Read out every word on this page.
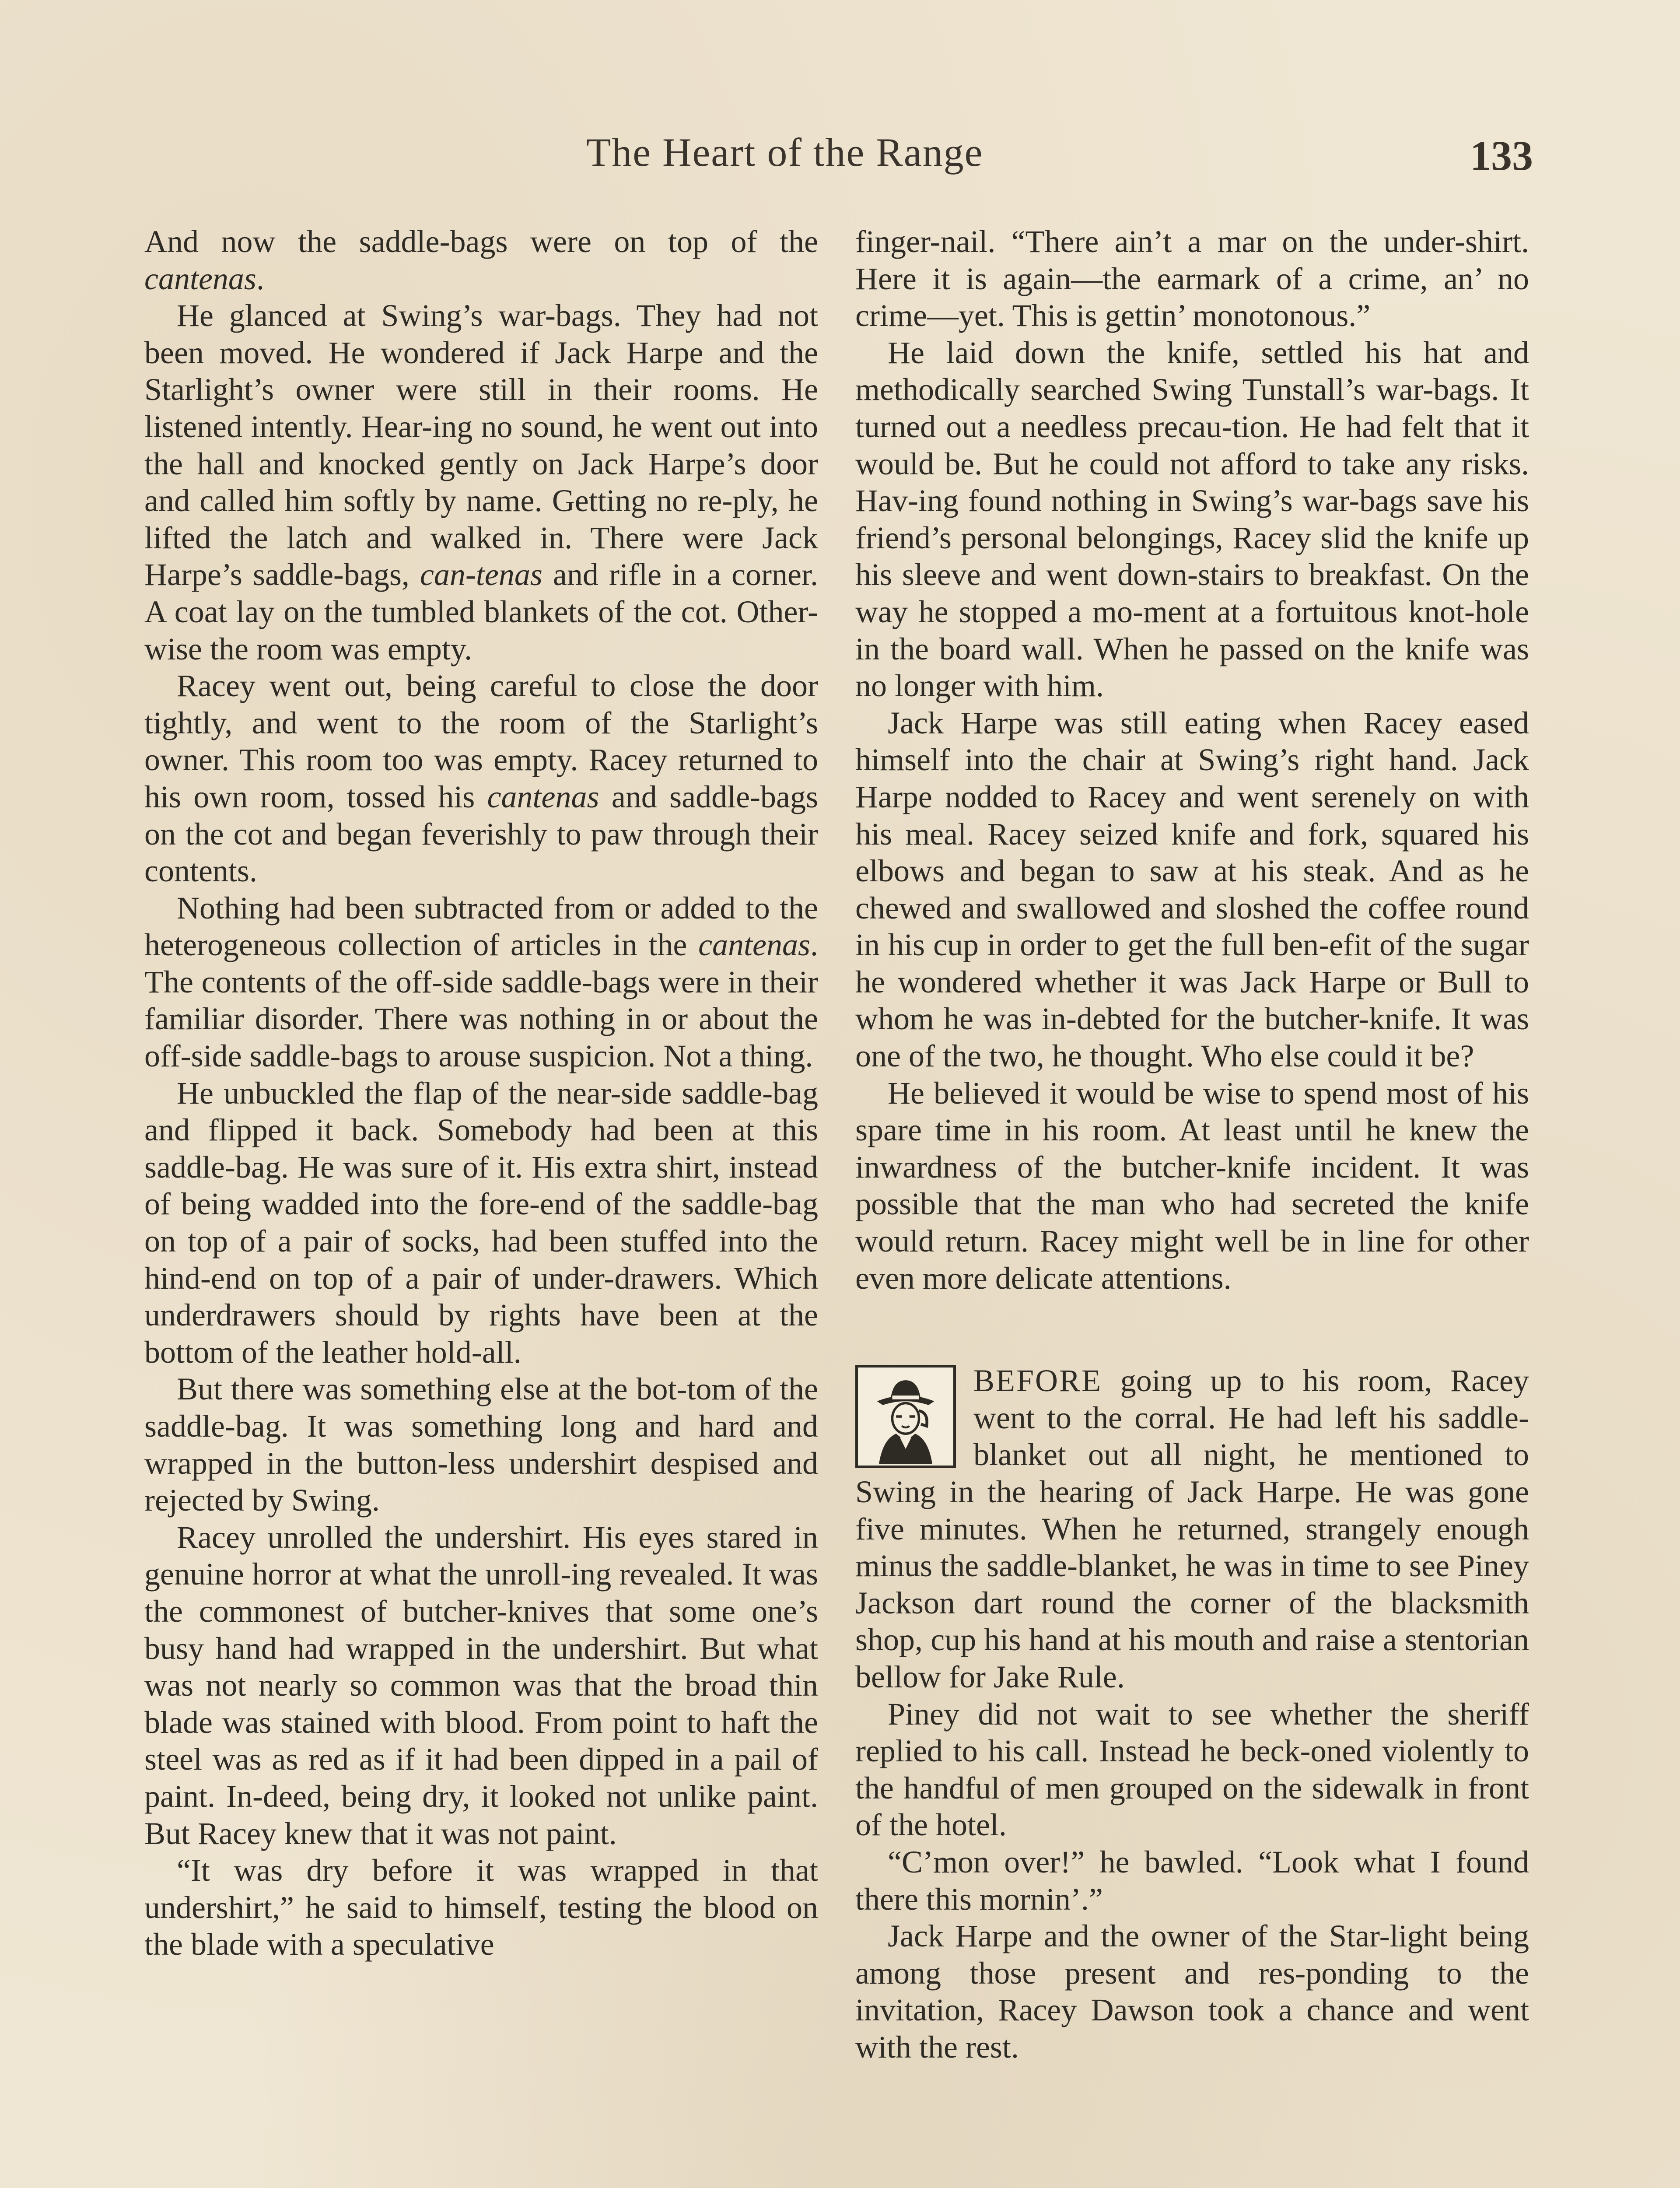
The Heart of the Range	133

And now the saddle-bags were on top of the cantenas.

He glanced at Swing’s war-bags. They had not been moved. He wondered if Jack Harpe and the Starlight’s owner were still in their rooms. He listened intently. Hear-ing no sound, he went out into the hall and knocked gently on Jack Harpe’s door and called him softly by name. Getting no re-ply, he lifted the latch and walked in. There were Jack Harpe’s saddle-bags, can-tenas and rifle in a corner. A coat lay on the tumbled blankets of the cot. Other-wise the room was empty.

Racey went out, being careful to close the door tightly, and went to the room of the Starlight’s owner. This room too was empty. Racey returned to his own room, tossed his cantenas and saddle-bags on the cot and began feverishly to paw through their contents.

Nothing had been subtracted from or added to the heterogeneous collection of articles in the cantenas. The contents of the off-side saddle-bags were in their familiar disorder. There was nothing in or about the off-side saddle-bags to arouse suspicion. Not a thing.

He unbuckled the flap of the near-side saddle-bag and flipped it back. Somebody had been at this saddle-bag. He was sure of it. His extra shirt, instead of being wadded into the fore-end of the saddle-bag on top of a pair of socks, had been stuffed into the hind-end on top of a pair of under-drawers. Which underdrawers should by rights have been at the bottom of the leather hold-all.

But there was something else at the bot-tom of the saddle-bag. It was something long and hard and wrapped in the button-less undershirt despised and rejected by Swing.

Racey unrolled the undershirt. His eyes stared in genuine horror at what the unroll-ing revealed. It was the commonest of butcher-knives that some one’s busy hand had wrapped in the undershirt. But what was not nearly so common was that the broad thin blade was stained with blood. From point to haft the steel was as red as if it had been dipped in a pail of paint. In-deed, being dry, it looked not unlike paint. But Racey knew that it was not paint.

“It was dry before it was wrapped in that undershirt,” he said to himself, testing the blood on the blade with a speculative

finger-nail. “There ain’t a mar on the under-shirt. Here it is again—the earmark of a crime, an’ no crime—yet. This is gettin’ monotonous.”

He laid down the knife, settled his hat and methodically searched Swing Tunstall’s war-bags. It turned out a needless precau-tion. He had felt that it would be. But he could not afford to take any risks. Hav-ing found nothing in Swing’s war-bags save his friend’s personal belongings, Racey slid the knife up his sleeve and went down-stairs to breakfast. On the way he stopped a mo-ment at a fortuitous knot-hole in the board wall. When he passed on the knife was no longer with him.

Jack Harpe was still eating when Racey eased himself into the chair at Swing’s right hand. Jack Harpe nodded to Racey and went serenely on with his meal. Racey seized knife and fork, squared his elbows and began to saw at his steak. And as he chewed and swallowed and sloshed the coffee round in his cup in order to get the full ben-efit of the sugar he wondered whether it was Jack Harpe or Bull to whom he was in-debted for the butcher-knife. It was one of the two, he thought. Who else could it be?

He believed it would be wise to spend most of his spare time in his room. At least until he knew the inwardness of the butcher-knife incident. It was possible that the man who had secreted the knife would return. Racey might well be in line for other even more delicate attentions.

BEFORE going up to his room, Racey went to the corral. He had left his saddle-blanket out all night, he mentioned to Swing in the hearing of Jack Harpe. He was gone five minutes. When he returned, strangely enough minus the saddle-blanket, he was in time to see Piney Jackson dart round the corner of the blacksmith shop, cup his hand at his mouth and raise a stentorian bellow for Jake Rule.

Piney did not wait to see whether the sheriff replied to his call. Instead he beck-oned violently to the handful of men grouped on the sidewalk in front of the hotel.

“C’mon over!” he bawled. “Look what I found there this mornin’.”

Jack Harpe and the owner of the Star-light being among those present and res-ponding to the invitation, Racey Dawson took a chance and went with the rest.
